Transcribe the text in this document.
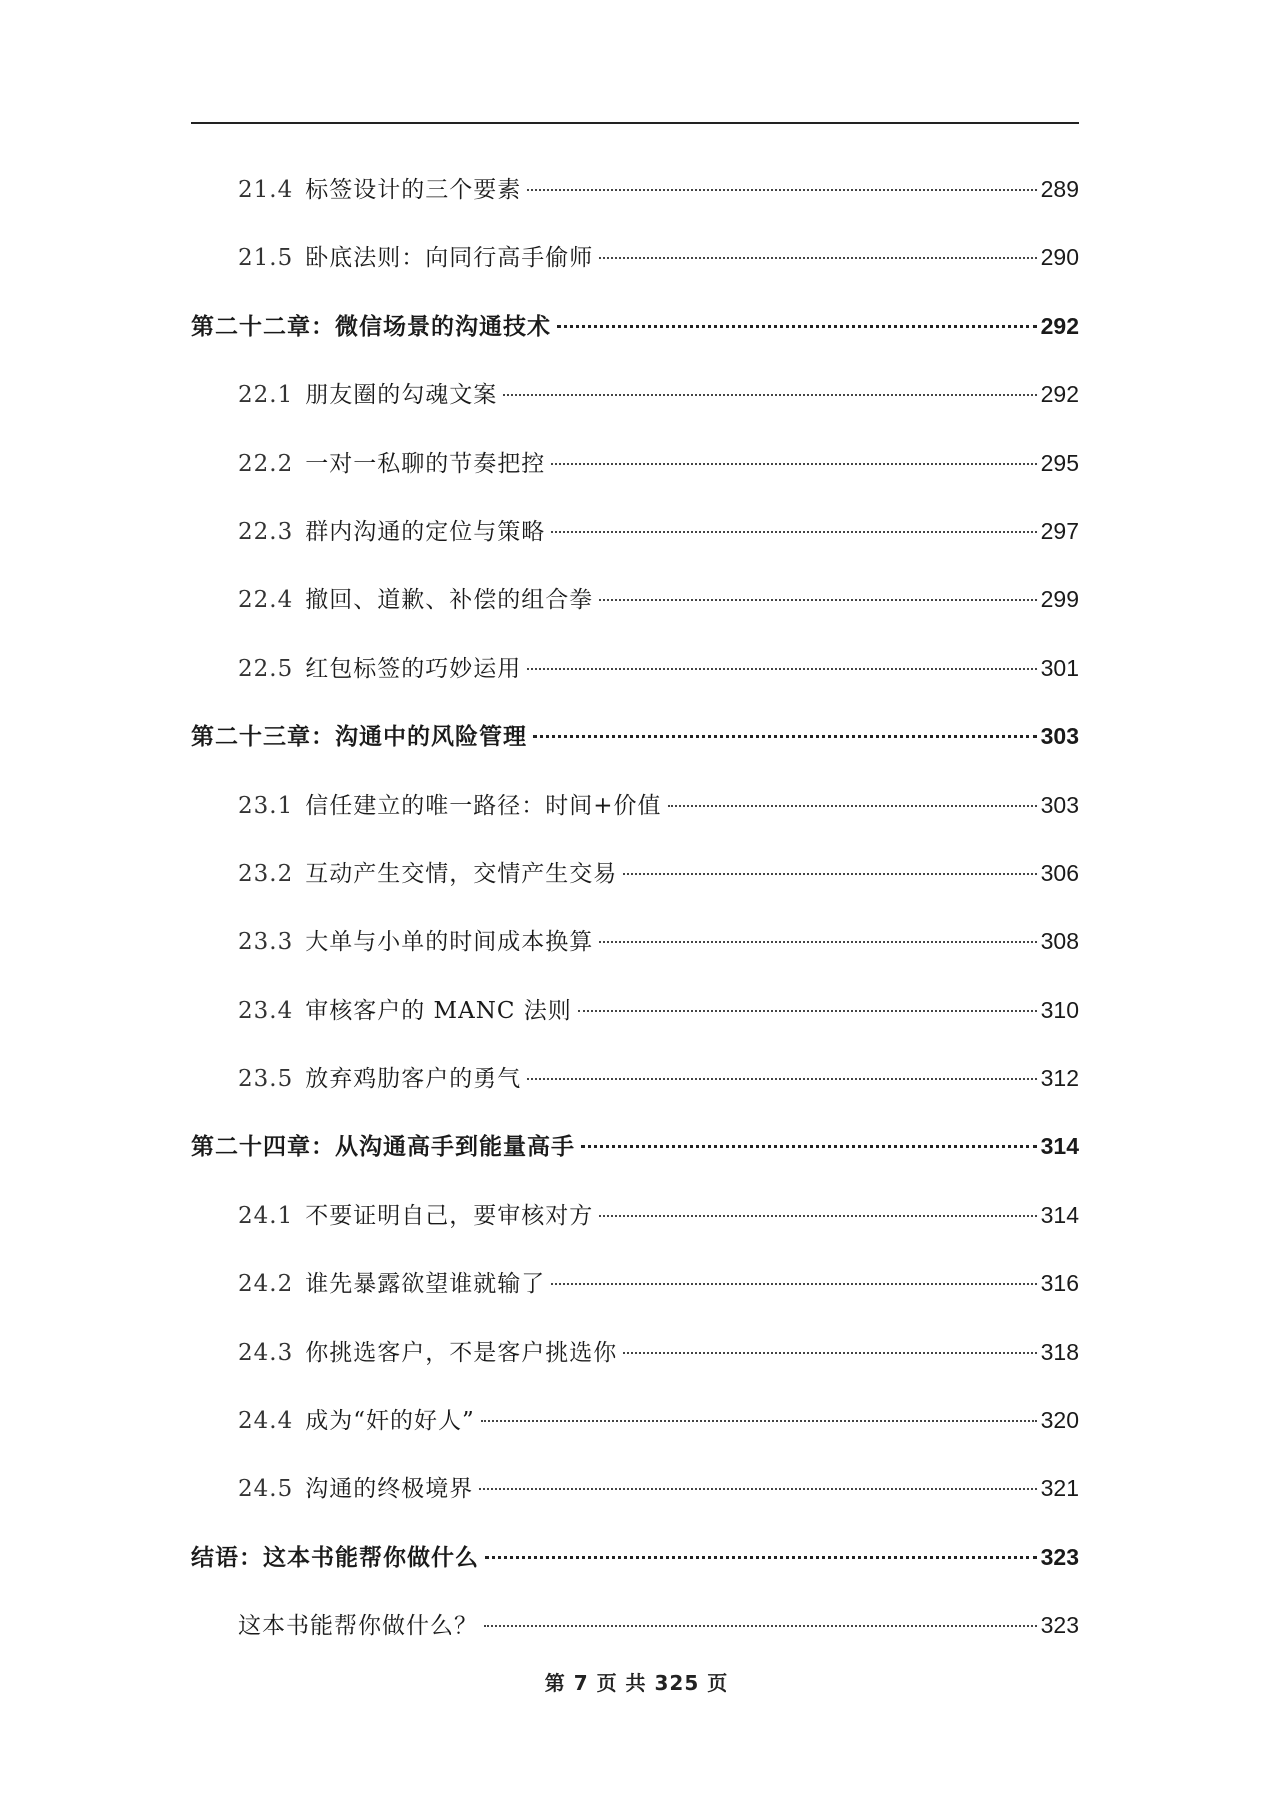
21.4 标签设计的三个要素	289
21.5 卧底法则：向同行高手偷师	290
第二十二章：微信场景的沟通技术	292
22.1 朋友圈的勾魂文案	292
22.2 一对一私聊的节奏把控	295
22.3 群内沟通的定位与策略	297
22.4 撤回、道歉、补偿的组合拳	299
22.5 红包标签的巧妙运用	301
第二十三章：沟通中的风险管理	303
23.1 信任建立的唯一路径：时间+价值	303
23.2 互动产生交情，交情产生交易	306
23.3 大单与小单的时间成本换算	308
23.4 审核客户的 MANC 法则	310
23.5 放弃鸡肋客户的勇气	312
第二十四章：从沟通高手到能量高手	314
24.1 不要证明自己，要审核对方	314
24.2 谁先暴露欲望谁就输了	316
24.3 你挑选客户，不是客户挑选你	318
24.4 成为“奸的好人”	320
24.5 沟通的终极境界	321
结语：这本书能帮你做什么	323
这本书能帮你做什么？	323
第 7 页 共 325 页
